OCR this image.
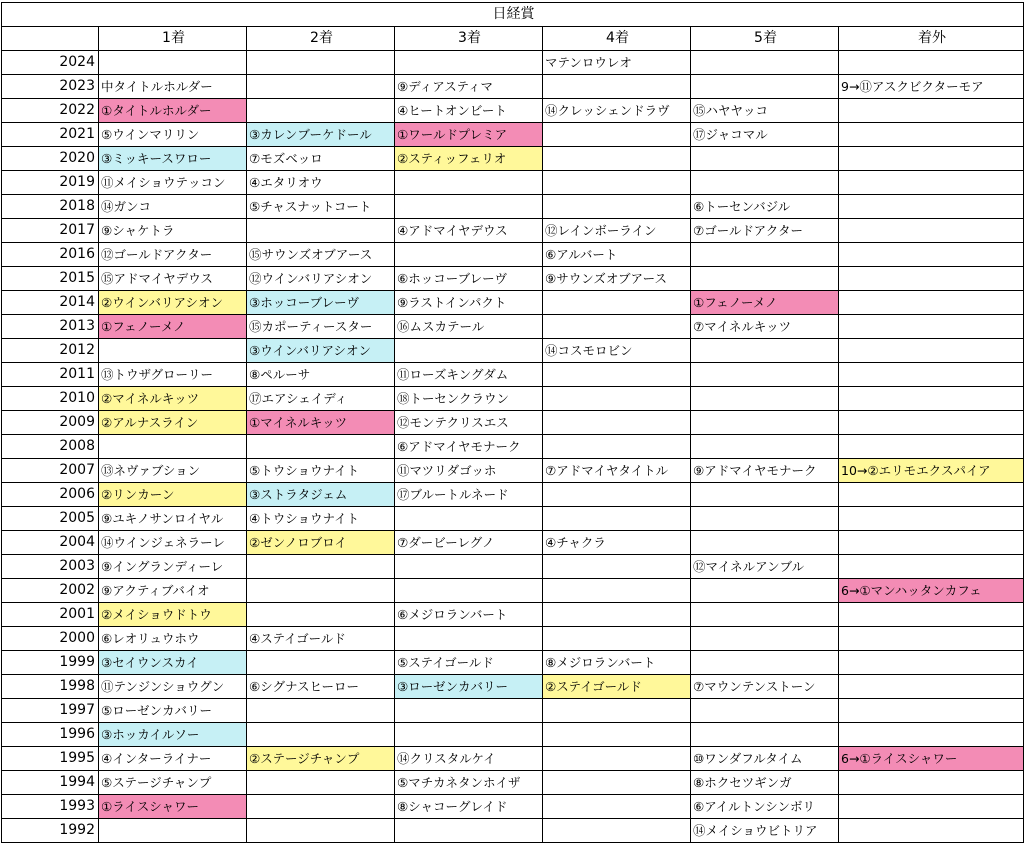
日経賞						
	1着	2着	3着	4着	5着	着外
2024				マテンロウレオ		
2023	中タイトルホルダー		⑨ディアスティマ			9→⑪アスクビクターモア
2022	①タイトルホルダー		④ヒートオンビート	⑭クレッシェンドラヴ	⑮ハヤヤッコ	
2021	⑤ウインマリリン	③カレンブーケドール	①ワールドプレミア		⑰ジャコマル	
2020	③ミッキースワロー	⑦モズベッロ	②スティッフェリオ			
2019	⑪メイショウテッコン	④エタリオウ				
2018	⑭ガンコ	⑤チャスナットコート			⑥トーセンバジル	
2017	⑨シャケトラ		④アドマイヤデウス	⑫レインボーライン	⑦ゴールドアクター	
2016	⑫ゴールドアクター	⑮サウンズオブアース		⑥アルバート		
2015	⑮アドマイヤデウス	⑫ウインバリアシオン	⑥ホッコーブレーヴ	⑨サウンズオブアース		
2014	②ウインバリアシオン	③ホッコーブレーヴ	⑨ラストインパクト		①フェノーメノ	
2013	①フェノーメノ	⑮カポーティースター	⑯ムスカテール		⑦マイネルキッツ	
2012		③ウインバリアシオン		⑭コスモロビン		
2011	⑬トウザグローリー	⑧ペルーサ	⑪ローズキングダム			
2010	②マイネルキッツ	⑰エアシェイディ	⑱トーセンクラウン			
2009	②アルナスライン	①マイネルキッツ	⑫モンテクリスエス			
2008			⑥アドマイヤモナーク			
2007	⑬ネヴァブション	⑤トウショウナイト	⑪マツリダゴッホ	⑦アドマイヤタイトル	⑨アドマイヤモナーク	10→②エリモエクスパイア
2006	②リンカーン	③ストラタジェム	⑰ブルートルネード			
2005	⑨ユキノサンロイヤル	④トウショウナイト				
2004	⑭ウインジェネラーレ	②ゼンノロブロイ	⑦ダービーレグノ	④チャクラ		
2003	⑨イングランディーレ				⑫マイネルアンブル	
2002	⑨アクティブバイオ					6→①マンハッタンカフェ
2001	②メイショウドトウ		⑥メジロランバート			
2000	⑥レオリュウホウ	④ステイゴールド				
1999	③セイウンスカイ		⑤ステイゴールド	⑧メジロランバート		
1998	⑪テンジンショウグン	⑥シグナスヒーロー	③ローゼンカバリー	②ステイゴールド	⑦マウンテンストーン	
1997	⑤ローゼンカバリー					
1996	③ホッカイルソー					
1995	④インターライナー	②ステージチャンプ	⑭クリスタルケイ		⑩ワンダフルタイム	6→①ライスシャワー
1994	⑤ステージチャンプ		⑤マチカネタンホイザ		⑧ホクセツギンガ	
1993	①ライスシャワー		⑧シャコーグレイド		⑥アイルトンシンボリ	
1992					⑭メイショウビトリア	
